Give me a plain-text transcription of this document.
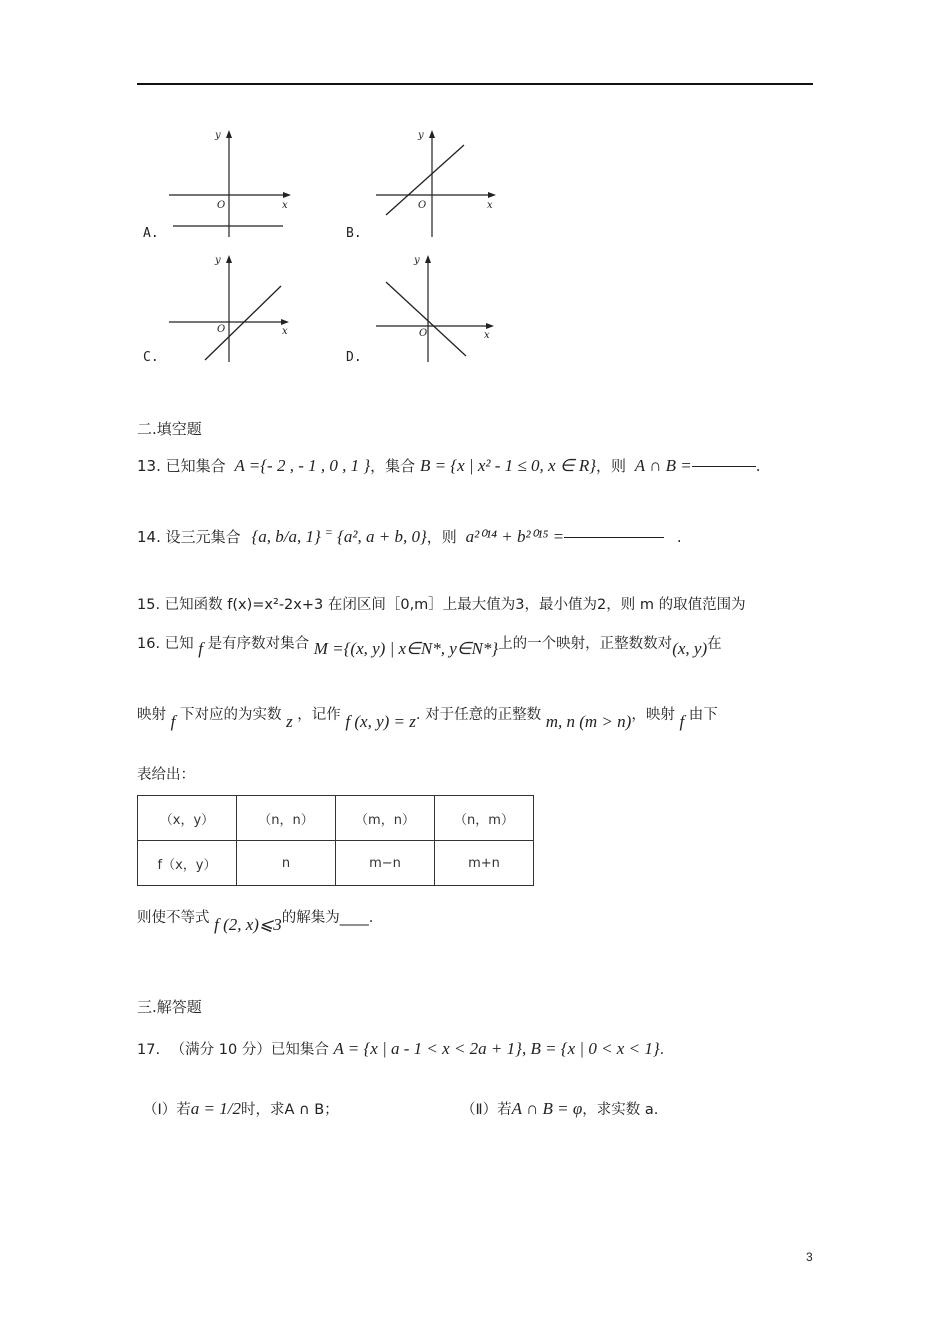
y
x
O
A.
y
x
O
B.
y
x
O
C.
y
x
O
D.
二.填空题
13. 已知集合 A ={- 2 , - 1 , 0 , 1 }，集合 B = {x | x² - 1 ≤ 0, x ∈ R}，则 A ∩ B =	.
14. 设三元集合 {a, b/a, 1} = {a², a + b, 0}，则 a²⁰¹⁴ + b²⁰¹⁵ =	.
15. 已知函数 f(x)=x²-2x+3 在闭区间［0,m］上最大值为3，最小值为2，则 m 的取值范围为
16. 已知 f 是有序数对集合 M ={(x, y) | x∈N*, y∈N*}上的一个映射，正整数数对(x, y)在
映射 f 下对应的为实数 z ，记作 f (x, y) = z. 对于任意的正整数 m, n (m > n)，映射 f 由下
表给出：
（x，y）	（n，n）	（m，n）	（n，m）
f（x，y）	n	m−n	m+n
则使不等式 f (2, x)⩽3的解集为____.
三.解答题
17. （满分 10 分）已知集合 A = {x | a - 1 < x < 2a + 1}, B = {x | 0 < x < 1}.
（Ⅰ）若a = 1/2时，求A ∩ B；	（Ⅱ）若A ∩ B = φ，求实数 a.
3
